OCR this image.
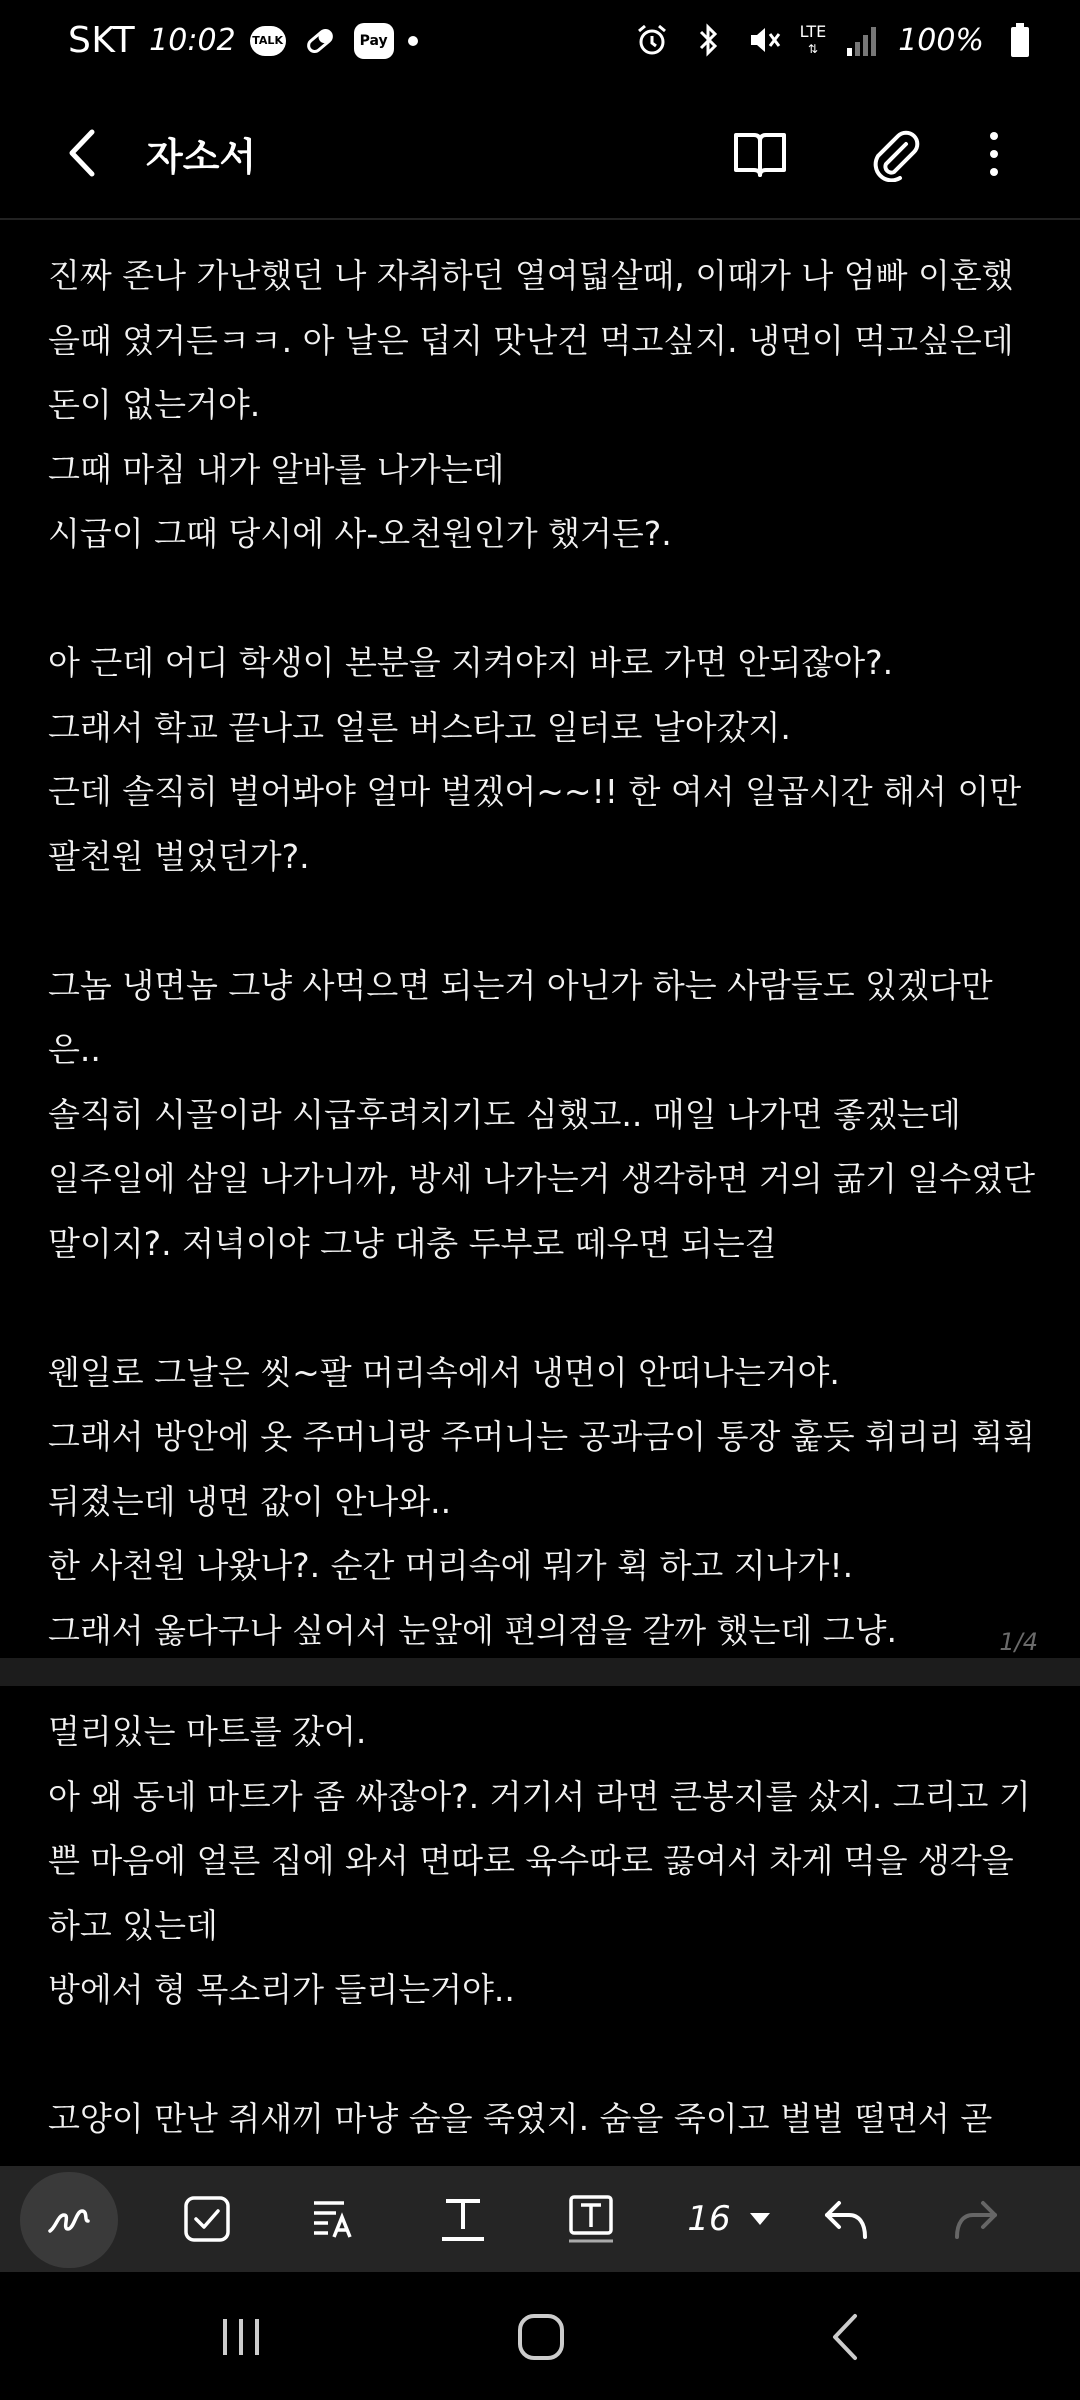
SKT 10:02 TALK	Pay	LTE
⇅	100%
자소서
진짜 존나 가난했던 나 자취하던 열여덟살때, 이때가 나 엄빠 이혼했을때 였거든ㅋㅋ. 아 날은 덥지 맛난건 먹고싶지. 냉면이 먹고싶은데 돈이 없는거야.
그때 마침 내가 알바를 나가는데
시급이 그때 당시에 사-오천원인가 했거든?.

아 근데 어디 학생이 본분을 지켜야지 바로 가면 안되잖아?.
그래서 학교 끝나고 얼른 버스타고 일터로 날아갔지.
근데 솔직히 벌어봐야 얼마 벌겠어~~!! 한 여서 일곱시간 해서 이만 팔천원 벌었던가?.

그놈 냉면놈 그냥 사먹으면 되는거 아닌가 하는 사람들도 있겠다만은..
솔직히 시골이라 시급후려치기도 심했고.. 매일 나가면 좋겠는데
일주일에 삼일 나가니까, 방세 나가는거 생각하면 거의 굶기 일수였단말이지?. 저녁이야 그냥 대충 두부로 떼우면 되는걸

웬일로 그날은 씻~팔 머리속에서 냉면이 안떠나는거야.
그래서 방안에 옷 주머니랑 주머니는 공과금이 통장 훑듯 휘리리 휙휙 뒤졌는데 냉면 값이 안나와..
한 사천원 나왔나?. 순간 머리속에 뭐가 휙 하고 지나가!.
그래서 옳다구나 싶어서 눈앞에 편의점을 갈까 했는데 그냥.	1/4
멀리있는 마트를 갔어.
아 왜 동네 마트가 좀 싸잖아?. 거기서 라면 큰봉지를 샀지. 그리고 기쁜 마음에 얼른 집에 와서 면따로 육수따로 끓여서 차게 먹을 생각을 하고 있는데
방에서 형 목소리가 들리는거야..

고양이 만난 쥐새끼 마냥 숨을 죽였지. 숨을 죽이고 벌벌 떨면서 곧
16
